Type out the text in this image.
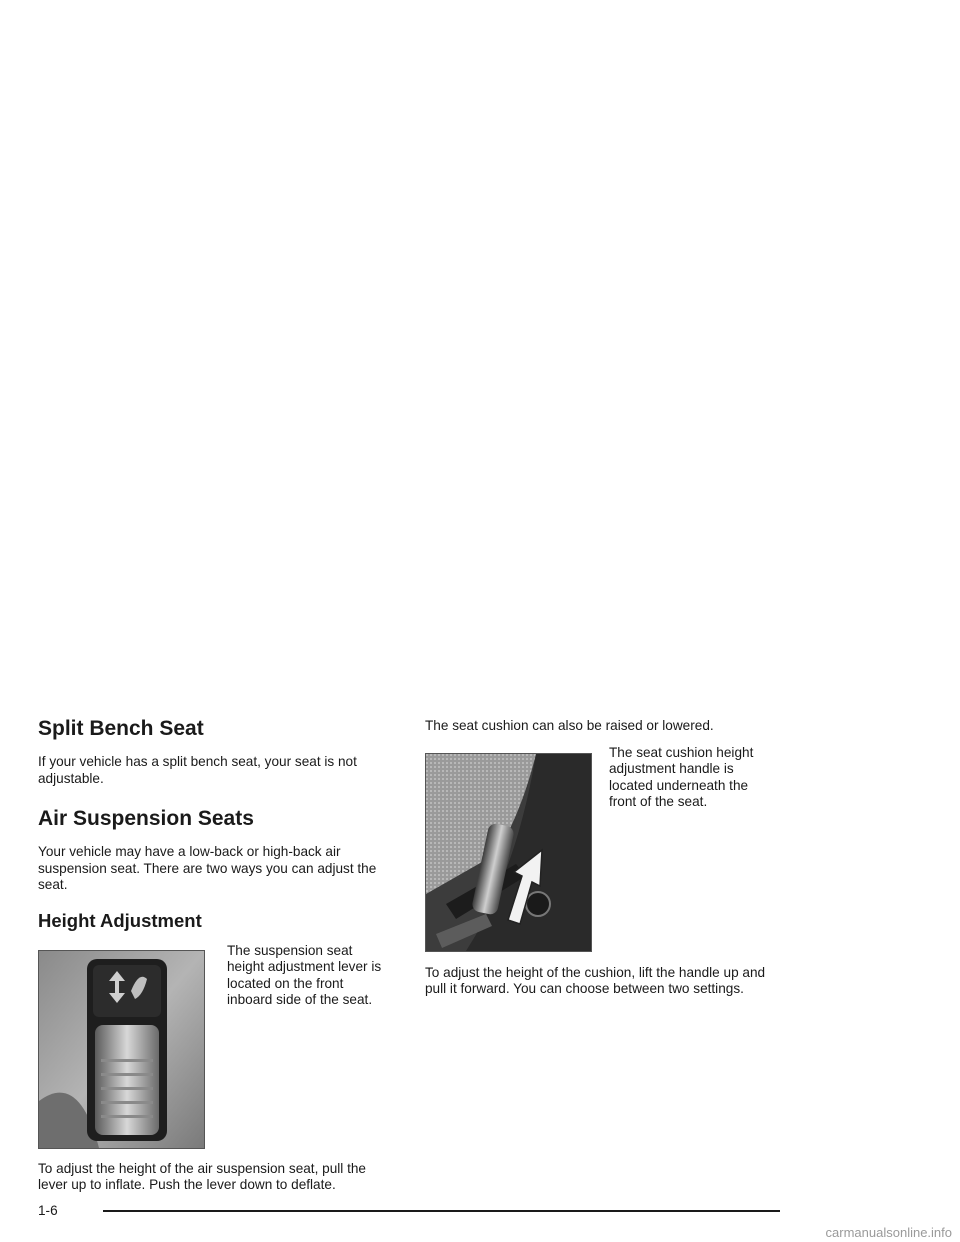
Split Bench Seat

If your vehicle has a split bench seat, your seat is not adjustable.

Air Suspension Seats

Your vehicle may have a low-back or high-back air suspension seat. There are two ways you can adjust the seat.

Height Adjustment
The suspension seat height adjustment lever is located on the front inboard side of the seat.

To adjust the height of the air suspension seat, pull the lever up to inflate. Push the lever down to deflate.

The seat cushion can also be raised or lowered.

The seat cushion height adjustment handle is located underneath the front of the seat.

To adjust the height of the cushion, lift the handle up and pull it forward. You can choose between two settings.

1-6
carmanualsonline.info
